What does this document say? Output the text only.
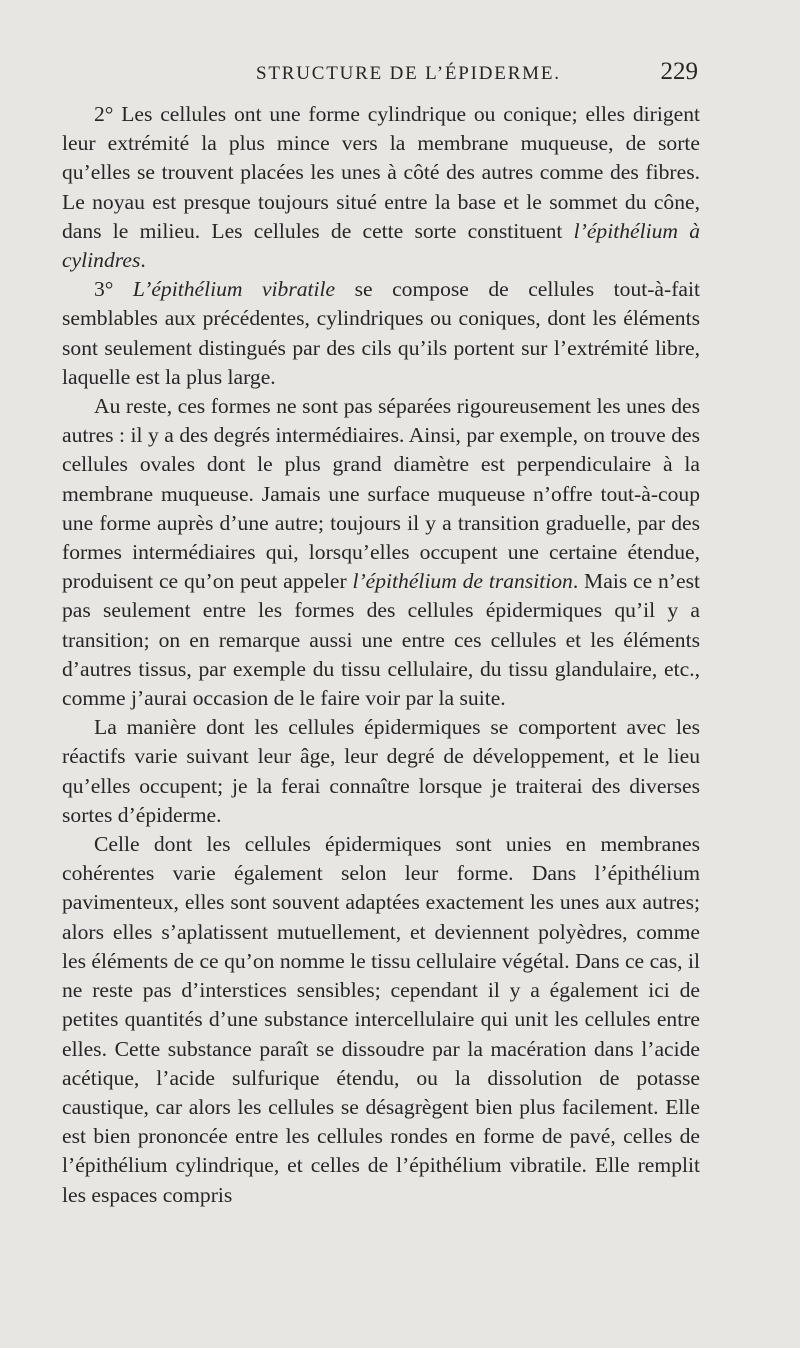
STRUCTURE DE L’ÉPIDERME.	229

2° Les cellules ont une forme cylindrique ou conique; elles dirigent leur extrémité la plus mince vers la membrane muqueuse, de sorte qu’elles se trouvent placées les unes à côté des autres comme des fibres. Le noyau est presque toujours situé entre la base et le sommet du cône, dans le milieu. Les cellules de cette sorte constituent l’épithélium à cylindres.

3° L’épithélium vibratile se compose de cellules tout-à-fait semblables aux précédentes, cylindriques ou coniques, dont les éléments sont seulement distingués par des cils qu’ils portent sur l’extrémité libre, laquelle est la plus large.

Au reste, ces formes ne sont pas séparées rigoureusement les unes des autres : il y a des degrés intermédiaires. Ainsi, par exemple, on trouve des cellules ovales dont le plus grand diamètre est perpendiculaire à la membrane muqueuse. Jamais une surface muqueuse n’offre tout-à-coup une forme auprès d’une autre; toujours il y a transition graduelle, par des formes intermédiaires qui, lorsqu’elles occupent une certaine étendue, produisent ce qu’on peut appeler l’épithélium de transition. Mais ce n’est pas seulement entre les formes des cellules épidermiques qu’il y a transition; on en remarque aussi une entre ces cellules et les éléments d’autres tissus, par exemple du tissu cellulaire, du tissu glandulaire, etc., comme j’aurai occasion de le faire voir par la suite.

La manière dont les cellules épidermiques se comportent avec les réactifs varie suivant leur âge, leur degré de développement, et le lieu qu’elles occupent; je la ferai connaître lorsque je traiterai des diverses sortes d’épiderme.

Celle dont les cellules épidermiques sont unies en membranes cohérentes varie également selon leur forme. Dans l’épithélium pavimenteux, elles sont souvent adaptées exactement les unes aux autres; alors elles s’aplatissent mutuellement, et deviennent polyèdres, comme les éléments de ce qu’on nomme le tissu cellulaire végétal. Dans ce cas, il ne reste pas d’interstices sensibles; cependant il y a également ici de petites quantités d’une substance intercellulaire qui unit les cellules entre elles. Cette substance paraît se dissoudre par la macération dans l’acide acétique, l’acide sulfurique étendu, ou la dissolution de potasse caustique, car alors les cellules se désagrègent bien plus facilement. Elle est bien prononcée entre les cellules rondes en forme de pavé, celles de l’épithélium cylindrique, et celles de l’épithélium vibratile. Elle remplit les espaces compris
